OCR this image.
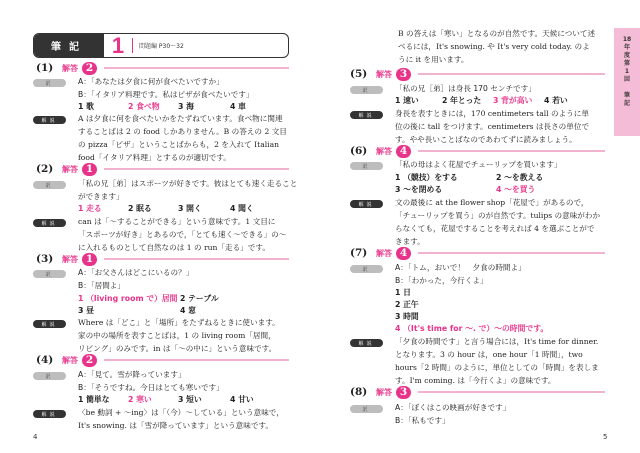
筆記	1	問題編 P30〜32
(1)	解答 2
訳	A：「あなたは夕食に何が食べたいですか」
B：「イタリア料理です。私はピザが食べたいです」
1 歌	2 食べ物 3 海	4 車
解説	A は夕食に何を食べたいかをたずねています。食べ物に関連
することばは 2 の food しかありません。B の答えの 2 文目
の pizza「ピザ」ということばからも，2 を入れて Italian
food「イタリア料理」とするのが適切です。
(2)	解答 1
訳	「私の兄［弟］はスポーツが好きです。彼はとても速く走ること
ができます」
1 走る	2 眠る	3 開く	4 聞く
解説	can は「〜することができる」という意味です。1 文目に
「スポーツが好き」とあるので，「とても速く〜できる」の〜
に入れるものとして自然なのは 1 の run「走る」です。
(3)	解答 1
訳	A：「お父さんはどこにいるの？」
B：「居間よ」
1 （living room で）居間 2 テーブル
3 昼	4 窓
解説	Where は「どこ」と「場所」をたずねるときに使います。
家の中の場所を表すことばは，1 の living room「居間，
リビング」のみです。in は「〜の中に」という意味です。
(4)	解答 2
訳	A：「見て。雪が降っています」
B：「そうですね。今日はとても寒いです」
1 簡単な 2 寒い	3 短い	4 甘い
解説	〈be 動詞 + 〜ing〉は「（今）〜している」という意味で，
It's snowing. は「雪が降っています」という意味です。
4
B の答えは「寒い」となるのが自然です。天候について述
べるには，It's snowing. や It's very cold today. のよ
うに it を用います。
(5)	解答 3
訳	「私の兄［弟］は身長 170 センチです」
1 速い	2 年とった 3 背が高い 4 若い
解説	身長を表すときには，170 centimeters tall のように単
位の後に tall をつけます。centimeters は長さの単位で
す。やや長いことばなのであわてずに読みましょう。
(6)	解答 4
訳	「私の母はよく花屋でチューリップを買います」
1 （競技）をする	2 〜を教える
3 〜を閉める	4 〜を買う
解説	文の最後に at the flower shop「花屋で」があるので，
「チューリップを買う」のが自然です。tulips の意味がわか
らなくても，花屋ですることを考えれば 4 を選ぶことがで
きます。
(7)	解答 4
訳	A：「トム，おいで！　夕食の時間よ」
B：「わかった，今行くよ」
1 日
2 正午
3 時間
4 （It's time for 〜. で）〜の時間です。
解説	「夕食の時間です」と言う場合には，It's time for dinner.
となります。3 の hour は，one hour「1 時間」，two
hours「2 時間」のように，単位としての「時間」を表しま
す。I'm coming. は「今行くよ」の意味です。
(8)	解答 3
訳	A：「ぼくはこの映画が好きです」
B：「私もです」
5
18
年
度
第
1
回
筆
記
